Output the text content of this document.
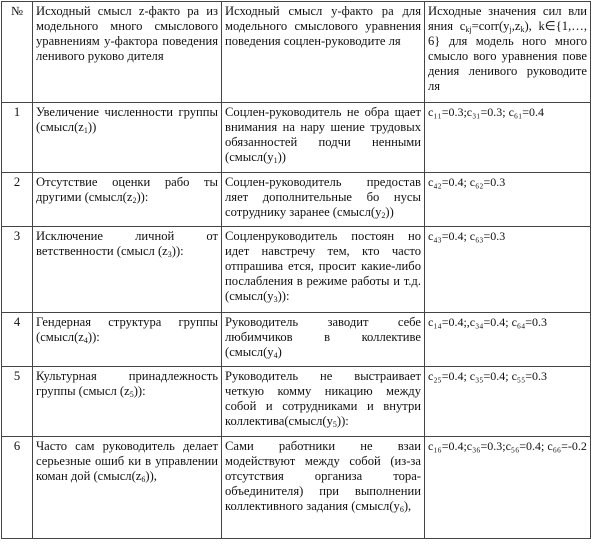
№	Исходный смысл z-факто ра из модельного много смыслового уравнениям y-фактора поведения ленивого руково дителя	Исходный смысл y-факто ра для модельного смыслового уравнения поведения соцлен-руководите ля	Исходные значения сил вли яния $c_{kj}=corr(y_j,z_k)$, k∈{1,…, 6} для модель ного много смысло вого уравнения пове дения ленивого руководите ля
1	Увеличение численности группы $(смысл(z_1))$	Соцлен-руководитель не обра щает внимания на нару шение трудовых обязанностей подчи ненными $(смысл(y_1))$	c₁₁=0.3;c₃₁=0.3; c₆₁=0.4
2	Отсутствие оценки рабо ты другими $(смысл(z_2))$:	Соцлен-руководитель предостав ляет дополнительные бо нусы сотруднику заранее $(смысл(y_2))$	c₄₂=0.4; c₆₂=0.3
3	Исключение личной от ветственности (смысл $(z_3)$):	Соцленруководитель постоян но идет навстречу тем, кто часто отпрашива ется, просит какие-либо послабления в режиме работы и т.д. $(смысл(y_3))$:	c₄₃=0.4; c₆₃=0.3
4	Гендерная структура группы $(смысл(z_4))$:	Руководитель заводит себе любимчиков в коллективе ($смысл(y_4)$	c₁₄=0.4;,c₃₄=0.4; c₆₄=0.3
5	Культурная принадлежность группы (смысл $(z_5)$):	Руководитель не выстраивает четкую комму никацию между собой и сотрудниками и внутри $коллектива(смысл(y_5))$:	c₂₅=0.4; c₃₅=0.4; c₅₅=0.3
6	Часто сам руководитель делает серьезные ошиб ки в управлении коман дой $(смысл(z_6))$,	Сами работники не взаи модействуют между собой (из-за отсутствия организа тора-объединителя) при выполнении коллективного задания ($смысл(y_6)$,	c₁₆=0.4;c₃₆=0.3;c₅₆=0.4; c₆₆=-0.2
